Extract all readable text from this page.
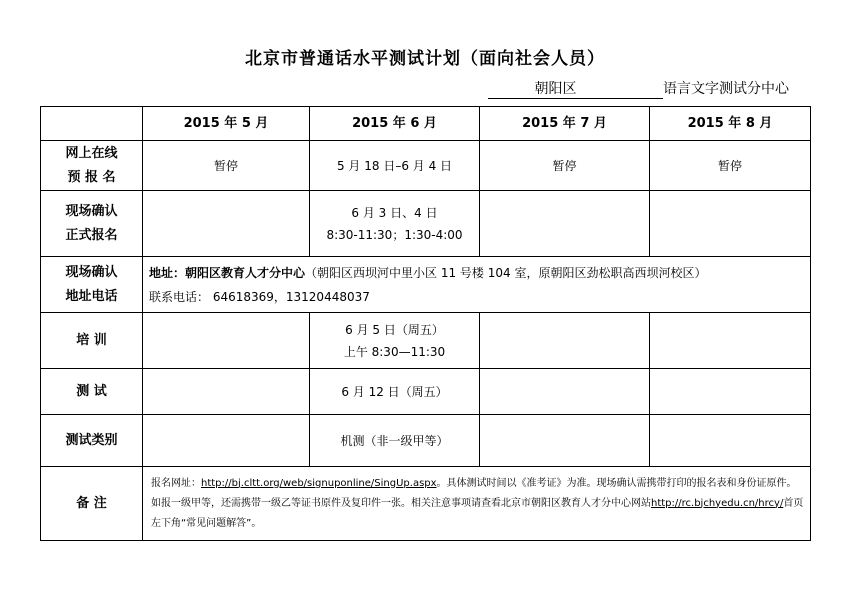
北京市普通话水平测试计划（面向社会人员）
朝阳区	语言文字测试分中心
	2015 年 5 月	2015 年 6 月	2015 年 7 月	2015 年 8 月

网上在线
预 报 名	暂停	5 月 18 日–6 月 4 日	暂停	暂停

现场确认
正式报名		6 月 3 日、4 日
8:30-11:30；1:30-4:00		

现场确认
地址电话	地址：朝阳区教育人才分中心（朝阳区西坝河中里小区 11 号楼 104 室，原朝阳区劲松职高西坝河校区）
联系电话： 64618369，13120448037			
培 训		6 月 5 日（周五）
上午 8:30—11:30		

测 试		6 月 12 日（周五）		
测试类别		机测（非一级甲等）		
备 注	报名网址：http://bj.cltt.org/web/signuponline/SingUp.aspx。具体测试时间以《准考证》为准。现场确认需携带打印的报名表和身份证原件。如报一级甲等，还需携带一级乙等证书原件及复印件一张。相关注意事项请查看北京市朝阳区教育人才分中心网站http://rc.bjchyedu.cn/hrcy/首页左下角“常见问题解答”。			
